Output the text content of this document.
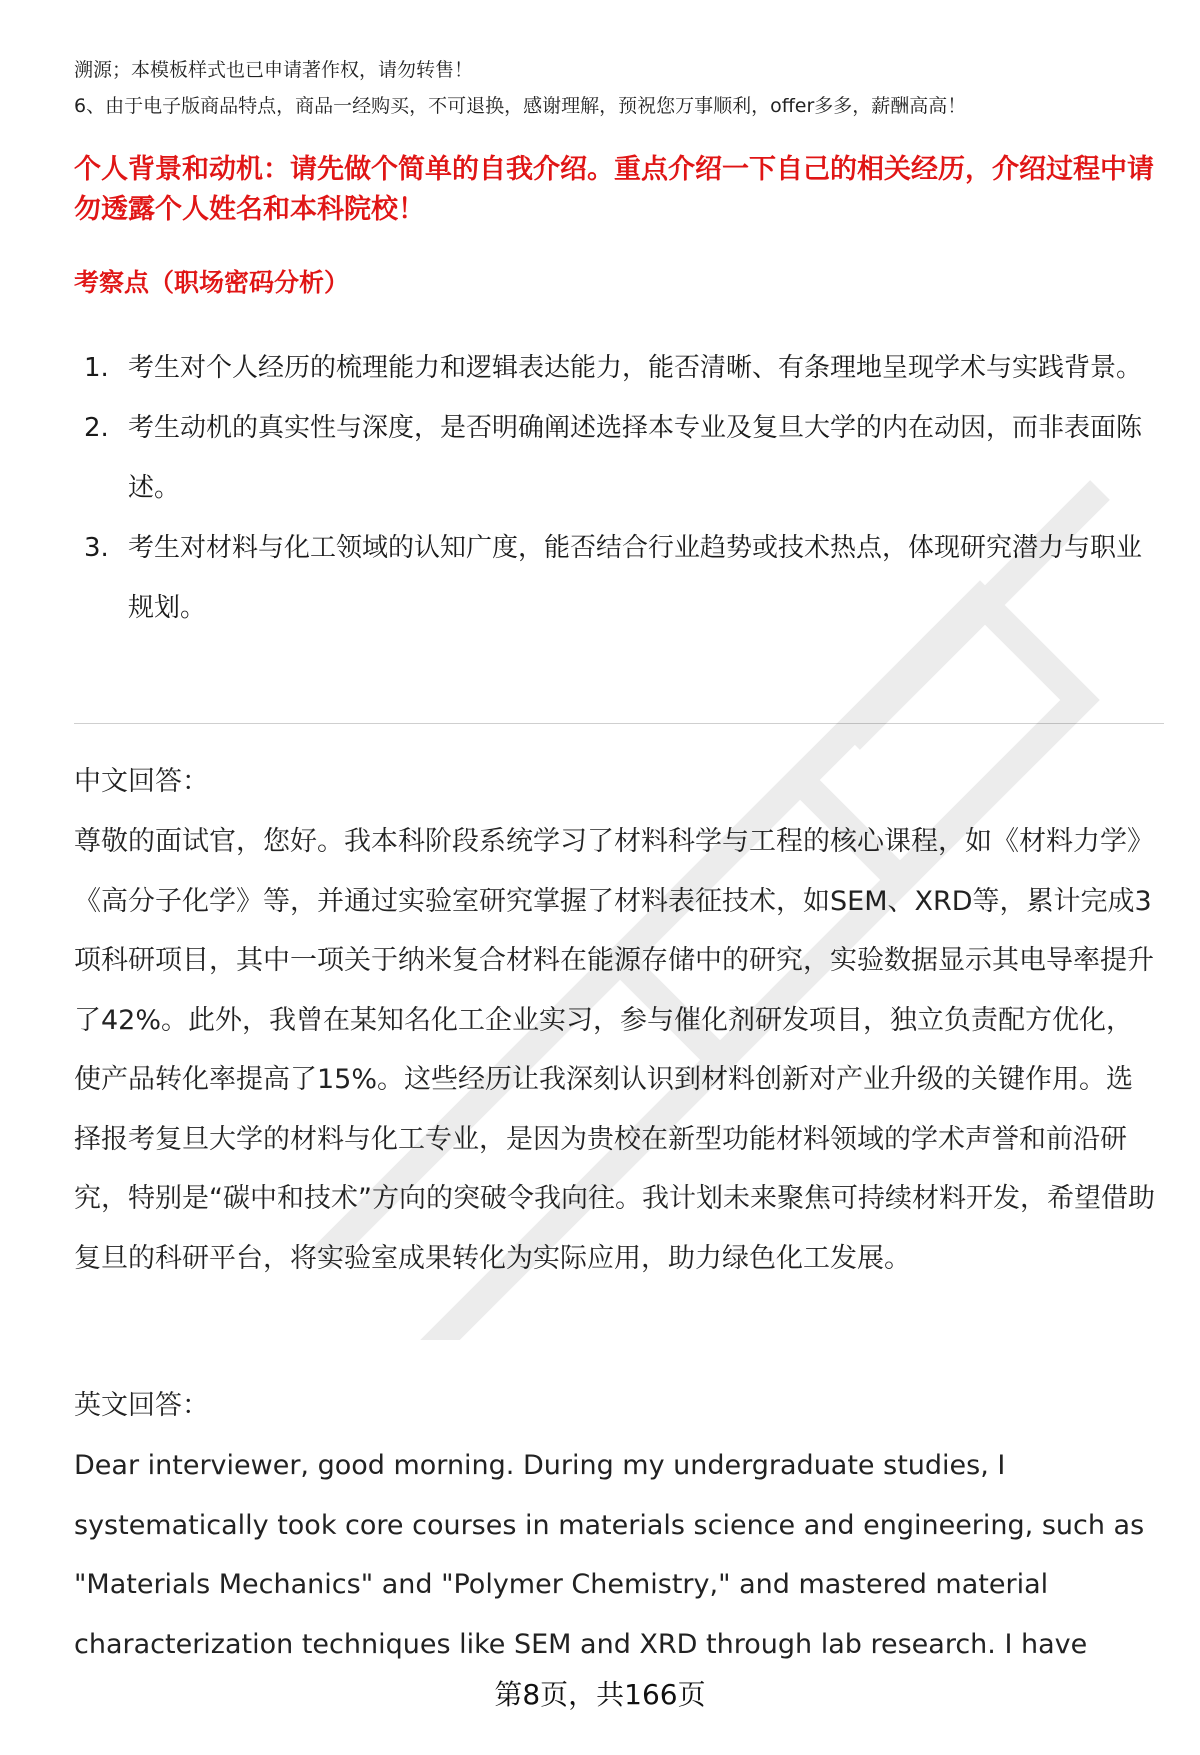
溯源；本模板样式也已申请著作权，请勿转售！
6、由于电子版商品特点，商品一经购买，不可退换，感谢理解，预祝您万事顺利，offer多多，薪酬高高！
个人背景和动机：请先做个简单的自我介绍。重点介绍一下自己的相关经历，介绍过程中请勿透露个人姓名和本科院校！
考察点（职场密码分析）
1. 考生对个人经历的梳理能力和逻辑表达能力，能否清晰、有条理地呈现学术与实践背景。
2. 考生动机的真实性与深度，是否明确阐述选择本专业及复旦大学的内在动因，而非表面陈述。
3. 考生对材料与化工领域的认知广度，能否结合行业趋势或技术热点，体现研究潜力与职业规划。
中文回答：

尊敬的面试官，您好。我本科阶段系统学习了材料科学与工程的核心课程，如《材料力学》《高分子化学》等，并通过实验室研究掌握了材料表征技术，如SEM、XRD等，累计完成3项科研项目，其中一项关于纳米复合材料在能源存储中的研究，实验数据显示其电导率提升了42%。此外，我曾在某知名化工企业实习，参与催化剂研发项目，独立负责配方优化，使产品转化率提高了15%。这些经历让我深刻认识到材料创新对产业升级的关键作用。选择报考复旦大学的材料与化工专业，是因为贵校在新型功能材料领域的学术声誉和前沿研究，特别是“碳中和技术”方向的突破令我向往。我计划未来聚焦可持续材料开发，希望借助复旦的科研平台，将实验室成果转化为实际应用，助力绿色化工发展。

英文回答：

Dear interviewer, good morning. During my undergraduate studies, I systematically took core courses in materials science and engineering, such as "Materials Mechanics" and "Polymer Chemistry," and mastered material characterization techniques like SEM and XRD through lab research. I have

第8页，共166页
